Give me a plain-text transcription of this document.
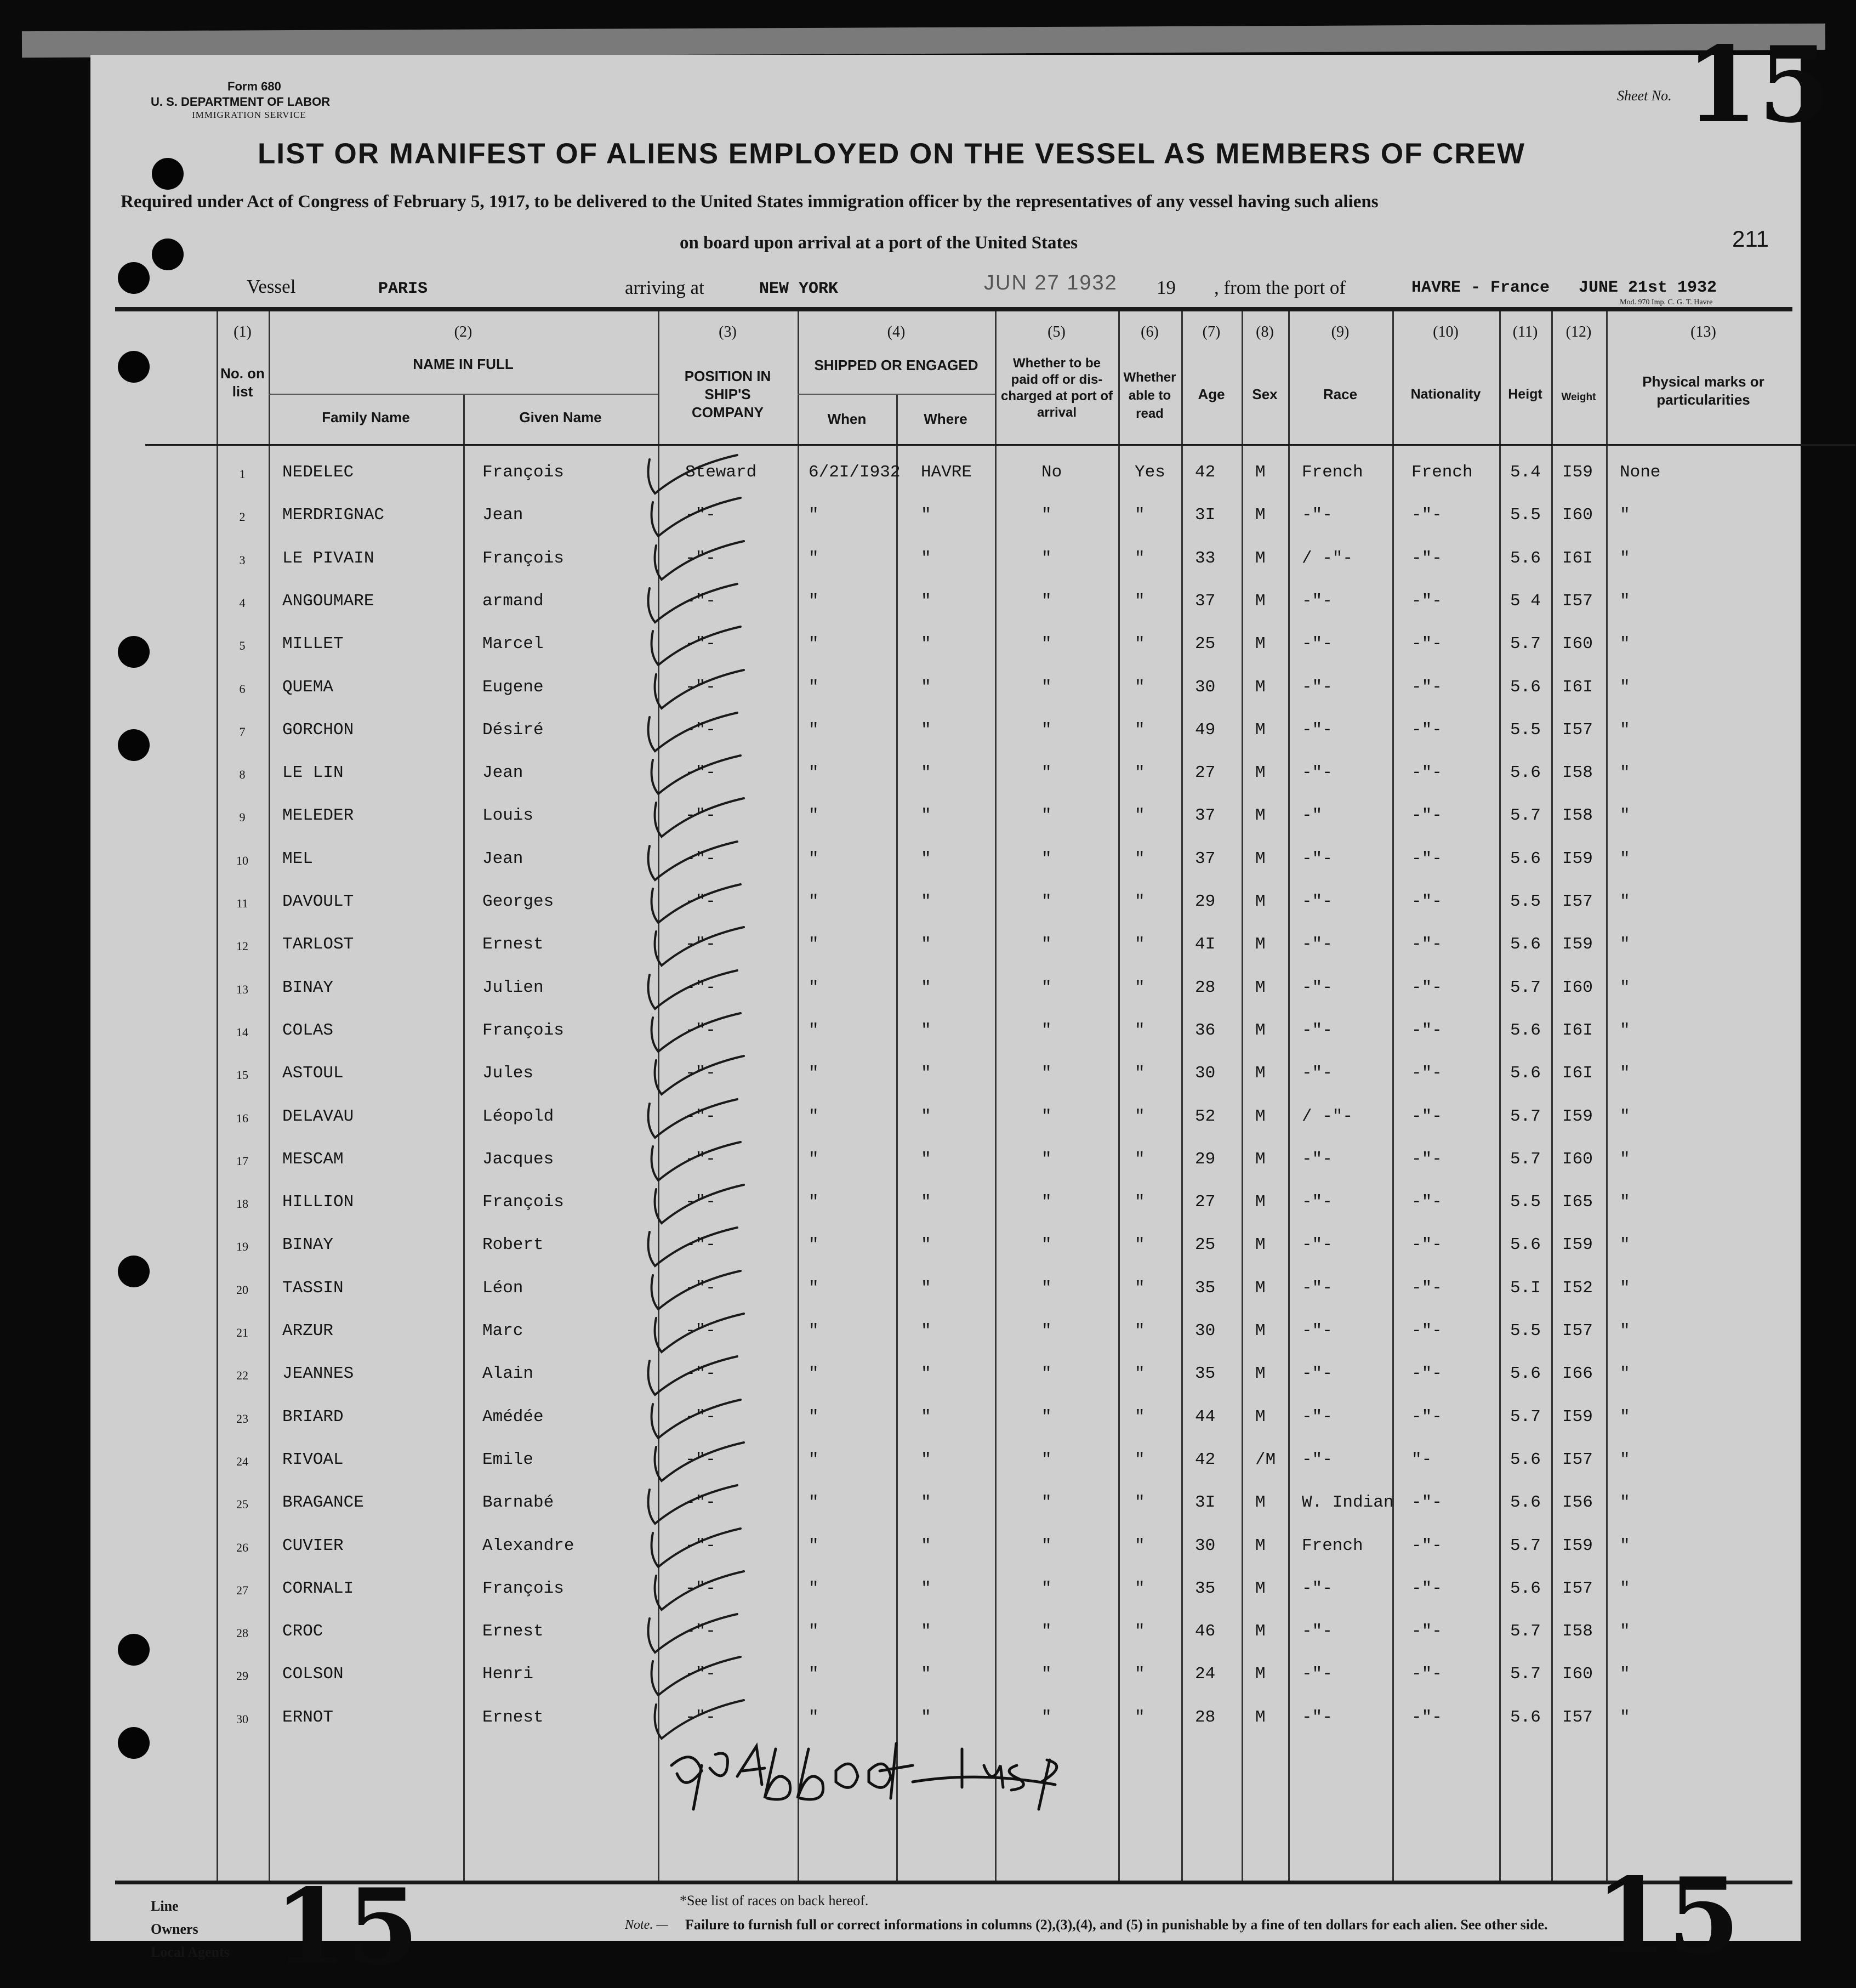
Form 680
U. S. DEPARTMENT OF LABOR
IMMIGRATION SERVICE
Sheet No. 15
LIST OR MANIFEST OF ALIENS EMPLOYED ON THE VESSEL AS MEMBERS OF CREW
Required under Act of Congress of February 5, 1917, to be delivered to the United States immigration officer by the representatives of any vessel having such aliens
on board upon arrival at a port of the United States	211
Vessel	PARIS	arriving at	NEW YORK	JUN 27 1932 19 , from the port of	HAVRE - France JUNE 21st 1932
Mod. 970 Imp. C. G. T. Havre
(1)
No. on list
(2)
NAME IN FULL
Family Name	Given Name
(3)
POSITION IN SHIP'S COMPANY
(4)
SHIPPED OR ENGAGED
When	Where
(5)
Whether to be paid off or dis-charged at port of arrival
(6)
Whether able to read
(7)
Age
(8)
Sex
(9)
Race
(10)
Nationality
(11)
Heigt
(12)
Weight
(13)
Physical marks or particularities
1	NEDELEC	François	Steward	6/2I/I932 HAVRE	No	Yes 42 M French	French 5.4 I59 None
2	MERDRIGNAC	Jean	-"-	"	"	"	"	3I M -"-	-"-	5.5 I60 "
3	LE PIVAIN	François	-"-	"	"	"	"	33 M / -"-	-"-	5.6 I6I "
4	ANGOUMARE	armand	-"-	"	"	"	"	37 M -"-	-"-	5 4 I57 "
5	MILLET	Marcel	-"-	"	"	"	"	25 M -"-	-"-	5.7 I60 "
6	QUEMA	Eugene	-"-	"	"	"	"	30 M -"-	-"-	5.6 I6I "
7	GORCHON	Désiré	-"-	"	"	"	"	49 M -"-	-"-	5.5 I57 "
8	LE LIN	Jean	-"-	"	"	"	"	27 M -"-	-"-	5.6 I58 "
9	MELEDER	Louis	-"-	"	"	"	"	37 M -"	-"-	5.7 I58 "
10	MEL	Jean	-"-	"	"	"	"	37 M -"-	-"-	5.6 I59 "
11	DAVOULT	Georges	-"-	"	"	"	"	29 M -"-	-"-	5.5 I57 "
12	TARLOST	Ernest	-"-	"	"	"	"	4I M -"-	-"-	5.6 I59 "
13	BINAY	Julien	-"-	"	"	"	"	28 M -"-	-"-	5.7 I60 "
14	COLAS	François	-"-	"	"	"	"	36 M -"-	-"-	5.6 I6I "
15	ASTOUL	Jules	-"-	"	"	"	"	30 M -"-	-"-	5.6 I6I "
16	DELAVAU	Léopold	-"-	"	"	"	"	52 M / -"-	-"-	5.7 I59 "
17	MESCAM	Jacques	-"-	"	"	"	"	29 M -"-	-"-	5.7 I60 "
18	HILLION	François	-"-	"	"	"	"	27 M -"-	-"-	5.5 I65 "
19	BINAY	Robert	-"-	"	"	"	"	25 M -"-	-"-	5.6 I59 "
20	TASSIN	Léon	-"-	"	"	"	"	35 M -"-	-"-	5.I I52 "
21	ARZUR	Marc	-"-	"	"	"	"	30 M -"-	-"-	5.5 I57 "
22	JEANNES	Alain	-"-	"	"	"	"	35 M -"-	-"-	5.6 I66 "
23	BRIARD	Amédée	-"-	"	"	"	"	44 M -"-	-"-	5.7 I59 "
24	RIVOAL	Emile	-"-	"	"	"	"	42 /M -"-	"-	5.6 I57 "
25	BRAGANCE	Barnabé	-"-	"	"	"	"	3I M W. Indian -"-	5.6 I56 "
26	CUVIER	Alexandre	-"-	"	"	"	"	30 M French	-"-	5.7 I59 "
27	CORNALI	François	-"-	"	"	"	"	35 M -"-	-"-	5.6 I57 "
28	CROC	Ernest	-"-	"	"	"	"	46 M -"-	-"-	5.7 I58 "
29	COLSON	Henri	-"-	"	"	"	"	24 M -"-	-"-	5.7 I60 "
30	ERNOT	Ernest	-"-	"	"	"	"	28 M -"-	-"-	5.6 I57 "
Line
Owners
Local Agents 15	15
*See list of races on back hereof.
Note. — Failure to furnish full or correct informations in columns (2),(3),(4), and (5) in punishable by a fine of ten dollars for each alien. See other side.
